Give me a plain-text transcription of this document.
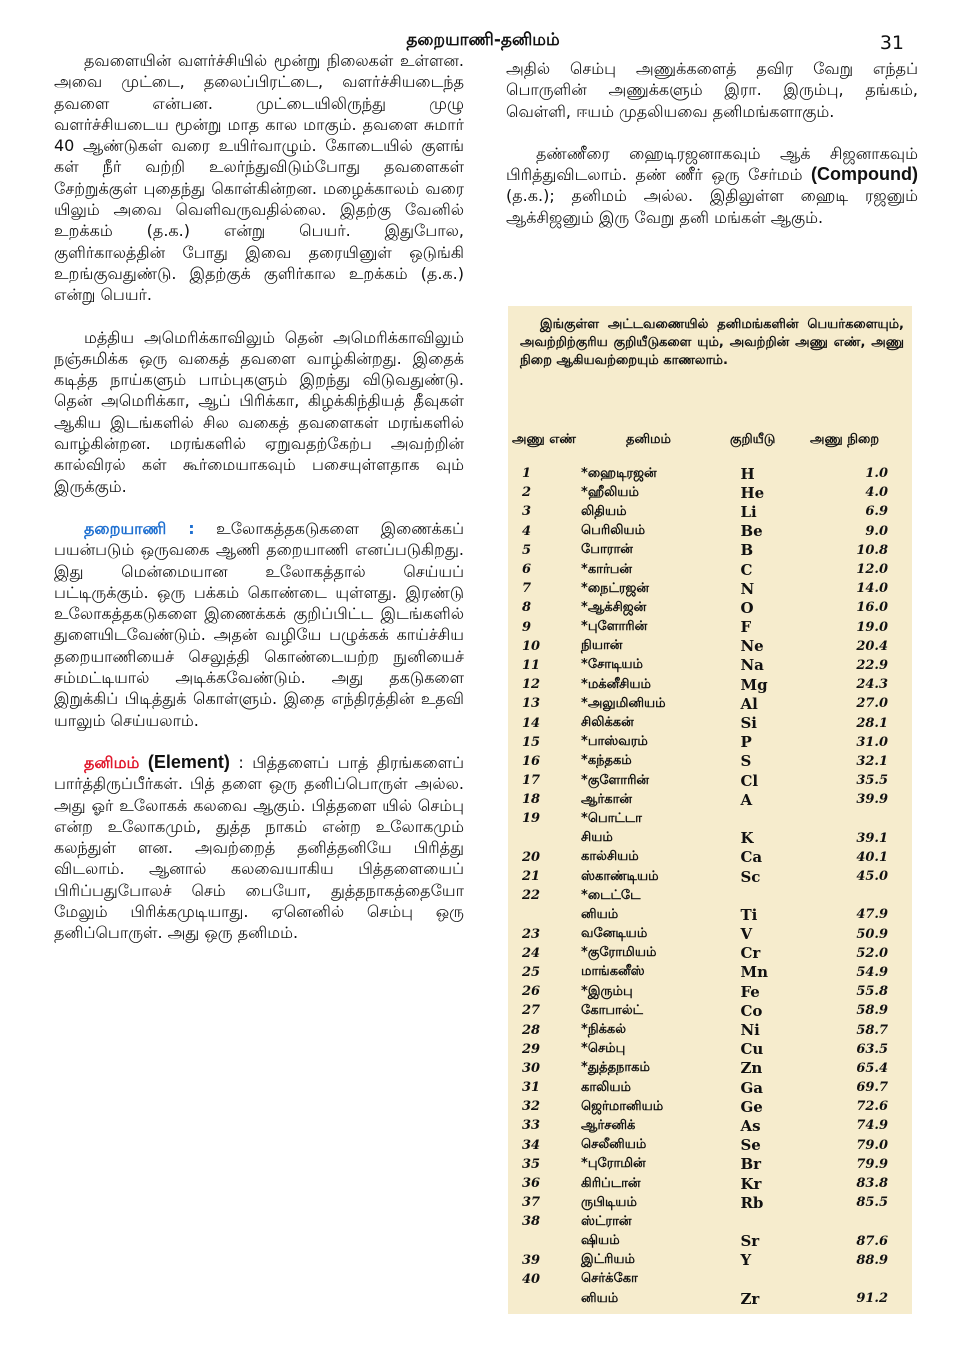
தறையாணி-தனிமம்	31

தவளையின் வளர்ச்சியில் மூன்று நிலைகள் உள்ளன. அவை முட்டை, தலைப்பிரட்டை, வளர்ச்சியடைந்த தவளை என்பன. முட்டையிலிருந்து முழு வளர்ச்சியடைய மூன்று மாத கால மாகும். தவளை சுமார் 40 ஆண்டுகள் வரை உயிர்வாழும். கோடையில் குளங் கள் நீர் வற்றி உலர்ந்துவிடும்போது தவளைகள் சேற்றுக்குள் புதைந்து கொள்கின்றன. மழைக்காலம் வரை யிலும் அவை வெளிவருவதில்லை. இதற்கு வேனில் உறக்கம் (த.க.) என்று பெயர். இதுபோல, குளிர்காலத்தின் போது இவை தரையினுள் ஒடுங்கி உறங்குவதுண்டு. இதற்குக் குளிர்கால உறக்கம் (த.க.) என்று பெயர்.

மத்திய அமெரிக்காவிலும் தென் அமெரிக்காவிலும் நஞ்சுமிக்க ஒரு வகைத் தவளை வாழ்கின்றது. இதைக் கடித்த நாய்களும் பாம்புகளும் இறந்து விடுவதுண்டு. தென் அமெரிக்கா, ஆப் பிரிக்கா, கிழக்கிந்தியத் தீவுகள் ஆகிய இடங்களில் சில வகைத் தவளைகள் மரங்களில் வாழ்கின்றன. மரங்களில் ஏறுவதற்கேற்ப அவற்றின் கால்விரல் கள் கூர்மையாகவும் பசையுள்ளதாக வும் இருக்கும்.

தறையாணி : உலோகத்தகடுகளை இணைக்கப் பயன்படும் ஒருவகை ஆணி தறையாணி எனப்படுகிறது. இது மென்மையான உலோகத்தால் செய்யப் பட்டிருக்கும். ஒரு பக்கம் கொண்டை யுள்ளது. இரண்டு உலோகத்தகடுகளை இணைக்கக் குறிப்பிட்ட இடங்களில் துளையிடவேண்டும். அதன் வழியே பழுக்கக் காய்ச்சிய தறையாணியைச் செலுத்தி கொண்டையற்ற நுனியைச் சம்மட்டியால் அடிக்கவேண்டும். அது தகடுகளை இறுக்கிப் பிடித்துக் கொள்ளும். இதை எந்திரத்தின் உதவி யாலும் செய்யலாம்.

தனிமம் (Element) : பித்தளைப் பாத் திரங்களைப் பார்த்திருப்பீர்கள். பித் தளை ஒரு தனிப்பொருள் அல்ல. அது ஓர் உலோகக் கலவை ஆகும். பித்தளை யில் செம்பு என்ற உலோகமும், துத்த நாகம் என்ற உலோகமும் கலந்துள் ளன. அவற்றைத் தனித்தனியே பிரித்து விடலாம். ஆனால் கலவையாகிய பித்தளையைப் பிரிப்பதுபோலச் செம் பையோ, துத்தநாகத்தையோ மேலும் பிரிக்கமுடியாது. ஏனெனில் செம்பு ஒரு தனிப்பொருள். அது ஒரு தனிமம்.

அதில் செம்பு அணுக்களைத் தவிர வேறு எந்தப் பொருளின் அணுக்களும் இரா. இரும்பு, தங்கம், வெள்ளி, ஈயம் முதலியவை தனிமங்களாகும்.

தண்ணீரை ஹைடிரஜனாகவும் ஆக் சிஜனாகவும் பிரித்துவிடலாம். தண் ணீர் ஒரு சேர்மம் (Compound) (த.க.); தனிமம் அல்ல. இதிலுள்ள ஹைடி ரஜனும் ஆக்சிஜனும் இரு வேறு தனி மங்கள் ஆகும்.

இங்குள்ள அட்டவணையில் தனிமங்களின் பெயர்களையும், அவற்றிற்குரிய குறியீடுகளை யும், அவற்றின் அணு எண், அணு நிறை ஆகியவற்றையும் காணலாம்.

அணு எண்	தனிமம்	குறியீடு	அணு நிறை
1	*ஹைடிரஜன்	H	1.0
2	*ஹீலியம்	He	4.0
3	லிதியம்	Li	6.9
4	பெரிலியம்	Be	9.0
5	போரான்	B	10.8
6	*கார்பன்	C	12.0
7	*நைட்ரஜன்	N	14.0
8	*ஆக்சிஜன்	O	16.0
9	*புளோரின்	F	19.0
10	நியான்	Ne	20.4
11	*சோடியம்	Na	22.9
12	*மக்னீசியம்	Mg	24.3
13	*அலுமினியம்	Al	27.0
14	சிலிக்கன்	Si	28.1
15	*பாஸ்வரம்	P	31.0
16	*கந்தகம்	S	32.1
17	*குளோரின்	Cl	35.5
18	ஆர்கான்	A	39.9
19	*பொட்டா		
	சியம்	K	39.1
20	கால்சியம்	Ca	40.1
21	ஸ்காண்டியம்	Sc	45.0
22	*டைட்டே		
	னியம்	Ti	47.9
23	வனேடியம்	V	50.9
24	*குரோமியம்	Cr	52.0
25	மாங்கனீஸ்	Mn	54.9
26	*இரும்பு	Fe	55.8
27	கோபால்ட்	Co	58.9
28	*நிக்கல்	Ni	58.7
29	*செம்பு	Cu	63.5
30	*துத்தநாகம்	Zn	65.4
31	காலியம்	Ga	69.7
32	ஜெர்மானியம்	Ge	72.6
33	ஆர்சனிக்	As	74.9
34	செலீனியம்	Se	79.0
35	*புரோமின்	Br	79.9
36	கிரிப்டான்	Kr	83.8
37	ருபிடியம்	Rb	85.5
38	ஸ்ட்ரான்		
	ஷியம்	Sr	87.6
39	இட்ரியம்	Y	88.9
40	செர்க்கோ		
	னியம்	Zr	91.2
